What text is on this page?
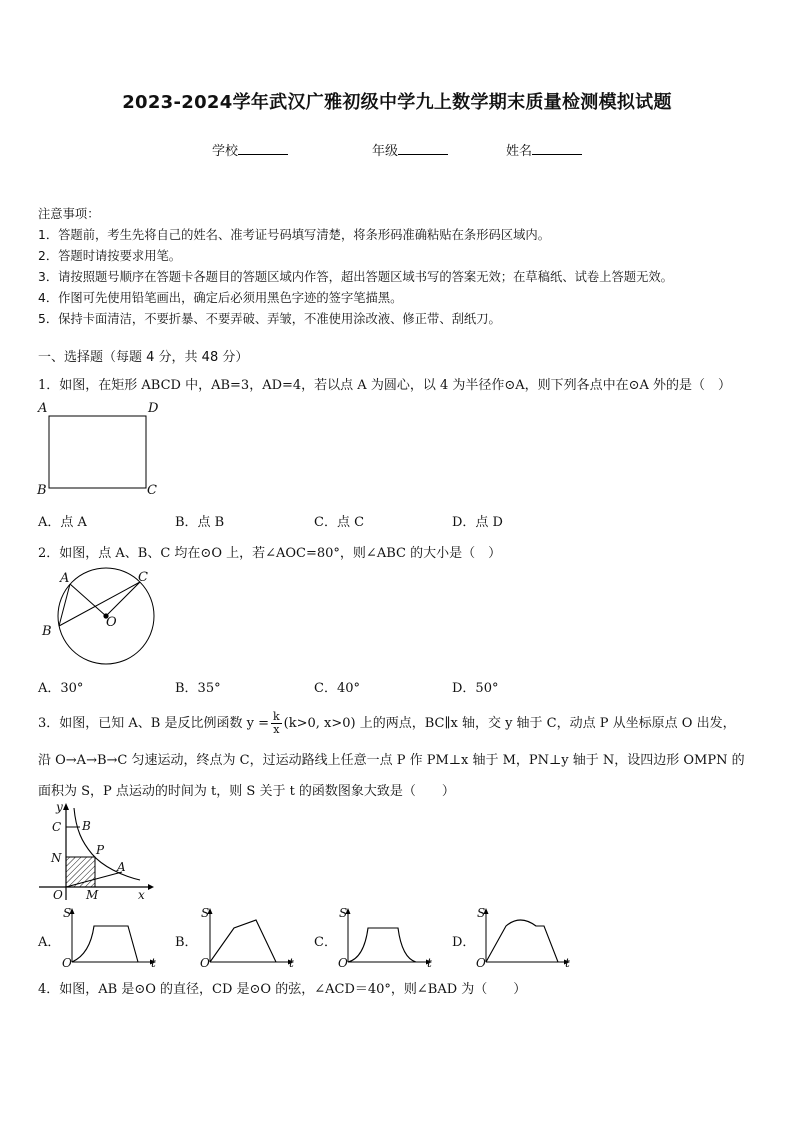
2023-2024学年武汉广雅初级中学九上数学期末质量检测模拟试题
学校	年级	姓名
注意事项：
1．答题前，考生先将自己的姓名、准考证号码填写清楚，将条形码准确粘贴在条形码区域内。
2．答题时请按要求用笔。
3．请按照题号顺序在答题卡各题目的答题区域内作答，超出答题区域书写的答案无效；在草稿纸、试卷上答题无效。
4．作图可先使用铅笔画出，确定后必须用黑色字迹的签字笔描黑。
5．保持卡面清洁，不要折暴、不要弄破、弄皱，不准使用涂改液、修正带、刮纸刀。
一、选择题（每题 4 分，共 48 分）
1．如图，在矩形 ABCD 中，AB=3，AD=4，若以点 A 为圆心，以 4 为半径作⊙A，则下列各点中在⊙A 外的是（　）
A	D
B	C
A．点 A	B．点 B	C．点 C	D．点 D
2．如图，点 A、B、C 均在⊙O 上，若∠AOC=80°，则∠ABC 的大小是（　）
A	C
B
O
A．30°	B．35°	C．40°	D．50°
3．如图，已知 A、B 是反比例函数 $y = \frac{k}{x} (k>0$, x>0) 上的两点，BC∥x 轴，交 y 轴于 C，动点 P 从坐标原点 O 出发，
沿 O→A→B→C 匀速运动，终点为 C，过运动路线上任意一点 P 作 PM⊥x 轴于 M，PN⊥y 轴于 N，设四边形 OMPN 的
面积为 S，P 点运动的时间为 t，则 S 关于 t 的函数图象大致是（　　）
y
x
C B
N
P
A
O M
A．	B．	C．	D．
S
O	t
S
O	t
S
O	t
S
O	t
4．如图，AB 是⊙O 的直径，CD 是⊙O 的弦，∠ACD＝40°，则∠BAD 为（　　）
